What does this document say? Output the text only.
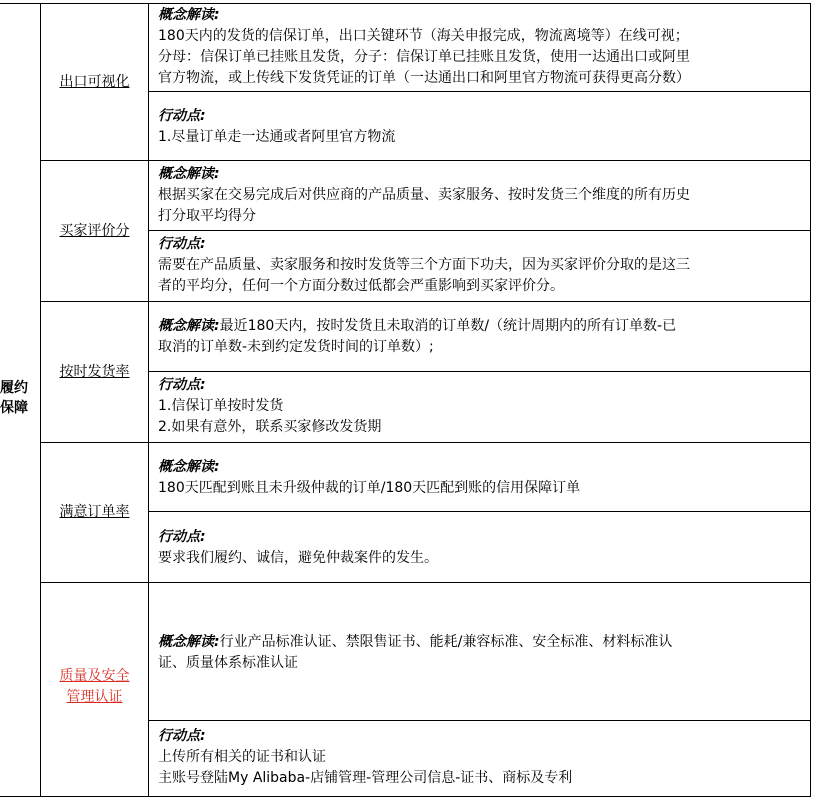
履约
保障
出口可视化
概念解读:
180天内的发货的信保订单，出口关键环节（海关申报完成，物流离境等）在线可视；
分母：信保订单已挂账且发货，分子：信保订单已挂账且发货，使用一达通出口或阿里
官方物流，或上传线下发货凭证的订单（一达通出口和阿里官方物流可获得更高分数）
行动点:
1.尽量订单走一达通或者阿里官方物流
买家评价分
概念解读:
根据买家在交易完成后对供应商的产品质量、卖家服务、按时发货三个维度的所有历史
打分取平均得分
行动点:
需要在产品质量、卖家服务和按时发货等三个方面下功夫，因为买家评价分取的是这三
者的平均分，任何一个方面分数过低都会严重影响到买家评价分。
按时发货率
概念解读:最近180天内，按时发货且未取消的订单数/（统计周期内的所有订单数-已
取消的订单数-未到约定发货时间的订单数）;
行动点:
1.信保订单按时发货
2.如果有意外，联系买家修改发货期
满意订单率
概念解读:
180天匹配到账且未升级仲裁的订单/180天匹配到账的信用保障订单
行动点:
要求我们履约、诚信，避免仲裁案件的发生。
质量及安全
管理认证
概念解读:行业产品标准认证、禁限售证书、能耗/兼容标准、安全标准、材料标准认
证、质量体系标准认证
行动点:
上传所有相关的证书和认证
主账号登陆My Alibaba-店铺管理-管理公司信息-证书、商标及专利
